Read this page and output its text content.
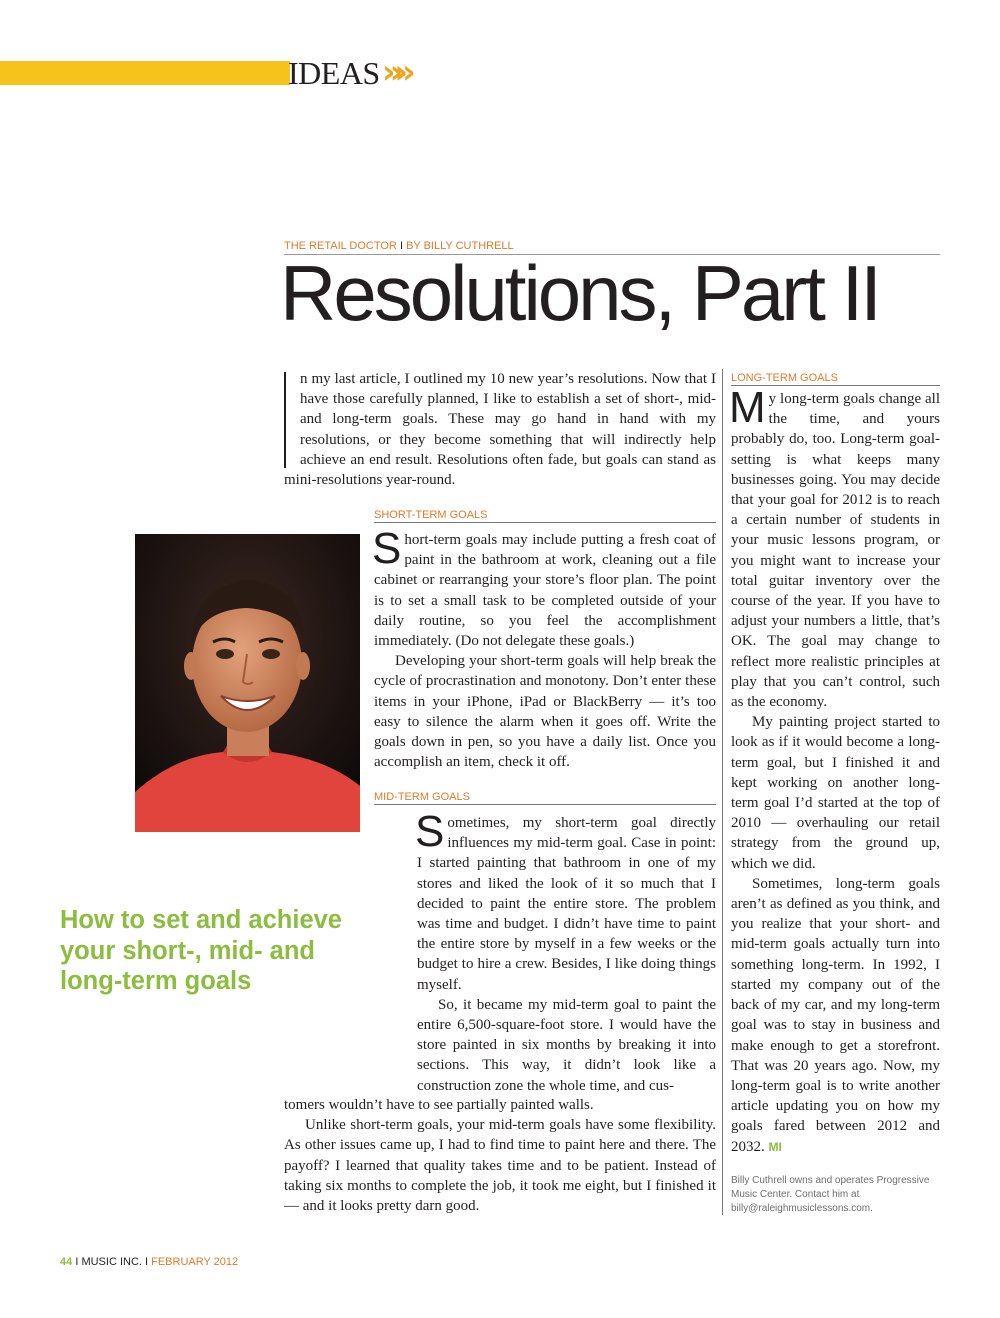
IDEAS »»
THE RETAIL DOCTOR I BY BILLY CUTHRELL
Resolutions, Part II
n my last article, I outlined my 10 new year’s resolutions. Now that I have those carefully planned, I like to establish a set of short-, mid- and long-term goals. These may go hand in hand with my resolutions, or they become something that will indirectly help achieve an end result. Resolutions often fade, but goals can stand as mini-resolutions year-round.
SHORT-TERM GOALS

Short-term goals may include putting a fresh coat of paint in the bathroom at work, cleaning out a file cabinet or rearranging your store’s floor plan. The point is to set a small task to be completed outside of your daily routine, so you feel the accomplishment immediately. (Do not delegate these goals.)

Developing your short-term goals will help break the cycle of procrastination and monotony. Don’t enter these items in your iPhone, iPad or BlackBerry — it’s too easy to silence the alarm when it goes off. Write the goals down in pen, so you have a daily list. Once you accomplish an item, check it off.

How to set and achieve your short-, mid- and long-term goals
MID-TERM GOALS

Sometimes, my short-term goal directly influences my mid-term goal. Case in point: I started painting that bathroom in one of my stores and liked the look of it so much that I decided to paint the entire store. The problem was time and budget. I didn’t have time to paint the entire store by myself in a few weeks or the budget to hire a crew. Besides, I like doing things myself.

So, it became my mid-term goal to paint the entire 6,500-square-foot store. I would have the store painted in six months by breaking it into sections. This way, it didn’t look like a construction zone the whole time, and cus-

tomers wouldn’t have to see partially painted walls.

Unlike short-term goals, your mid-term goals have some flexibility. As other issues came up, I had to find time to paint here and there. The payoff? I learned that quality takes time and to be patient. Instead of taking six months to complete the job, it took me eight, but I finished it — and it looks pretty darn good.

LONG-TERM GOALS

My long-term goals change all the time, and yours probably do, too. Long-term goal-setting is what keeps many businesses going. You may decide that your goal for 2012 is to reach a certain number of students in your music lessons program, or you might want to increase your total guitar inventory over the course of the year. If you have to adjust your numbers a little, that’s OK. The goal may change to reflect more realistic principles at play that you can’t control, such as the economy.

My painting project started to look as if it would become a long-term goal, but I finished it and kept working on another long-term goal I’d started at the top of 2010 — overhauling our retail strategy from the ground up, which we did.

Sometimes, long-term goals aren’t as defined as you think, and you realize that your short- and mid-term goals actually turn into something long-term. In 1992, I started my company out of the back of my car, and my long-term goal was to stay in business and make enough to get a storefront. That was 20 years ago. Now, my long-term goal is to write another article updating you on how my goals fared between 2012 and 2032. MI

Billy Cuthrell owns and operates Progressive Music Center. Contact him at billy@raleighmusiclessons.com.
44 I MUSIC INC. I FEBRUARY 2012
